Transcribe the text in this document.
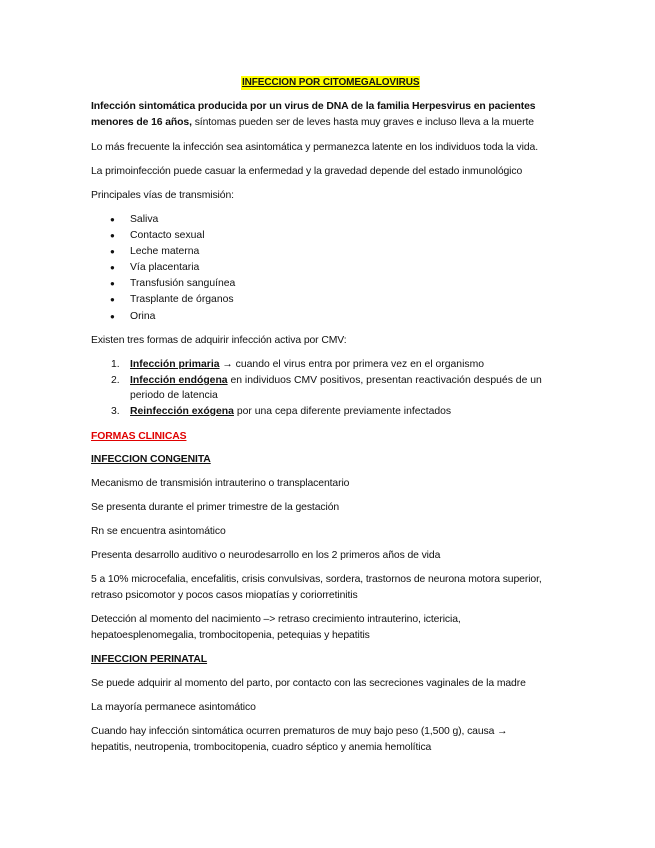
INFECCION POR CITOMEGALOVIRUS
Infección sintomática producida por un virus de DNA de la familia Herpesvirus en pacientes
menores de 16 años, síntomas pueden ser de leves hasta muy graves e incluso lleva a la muerte
Lo más frecuente la infección sea asintomática y permanezca latente en los individuos toda la vida.
La primoinfección puede casuar la enfermedad y la gravedad depende del estado inmunológico
Principales vías de transmisión:
● Saliva
● Contacto sexual
● Leche materna
● Vía placentaria
● Transfusión sanguínea
● Trasplante de órganos
● Orina
Existen tres formas de adquirir infección activa por CMV:
1. Infección primaria → cuando el virus entra por primera vez en el organismo
2. Infección endógena en individuos CMV positivos, presentan reactivación después de un
periodo de latencia
3. Reinfección exógena por una cepa diferente previamente infectados
FORMAS CLINICAS
INFECCION CONGENITA
Mecanismo de transmisión intrauterino o transplacentario
Se presenta durante el primer trimestre de la gestación
Rn se encuentra asintomático
Presenta desarrollo auditivo o neurodesarrollo en los 2 primeros años de vida
5 a 10% microcefalia, encefalitis, crisis convulsivas, sordera, trastornos de neurona motora superior,
retraso psicomotor y pocos casos miopatías y coriorretinitis
Detección al momento del nacimiento –> retraso crecimiento intrauterino, ictericia,
hepatoesplenomegalia, trombocitopenia, petequias y hepatitis
INFECCION PERINATAL
Se puede adquirir al momento del parto, por contacto con las secreciones vaginales de la madre
La mayoría permanece asintomático
Cuando hay infección sintomática ocurren prematuros de muy bajo peso (1,500 g), causa →
hepatitis, neutropenia, trombocitopenia, cuadro séptico y anemia hemolítica
